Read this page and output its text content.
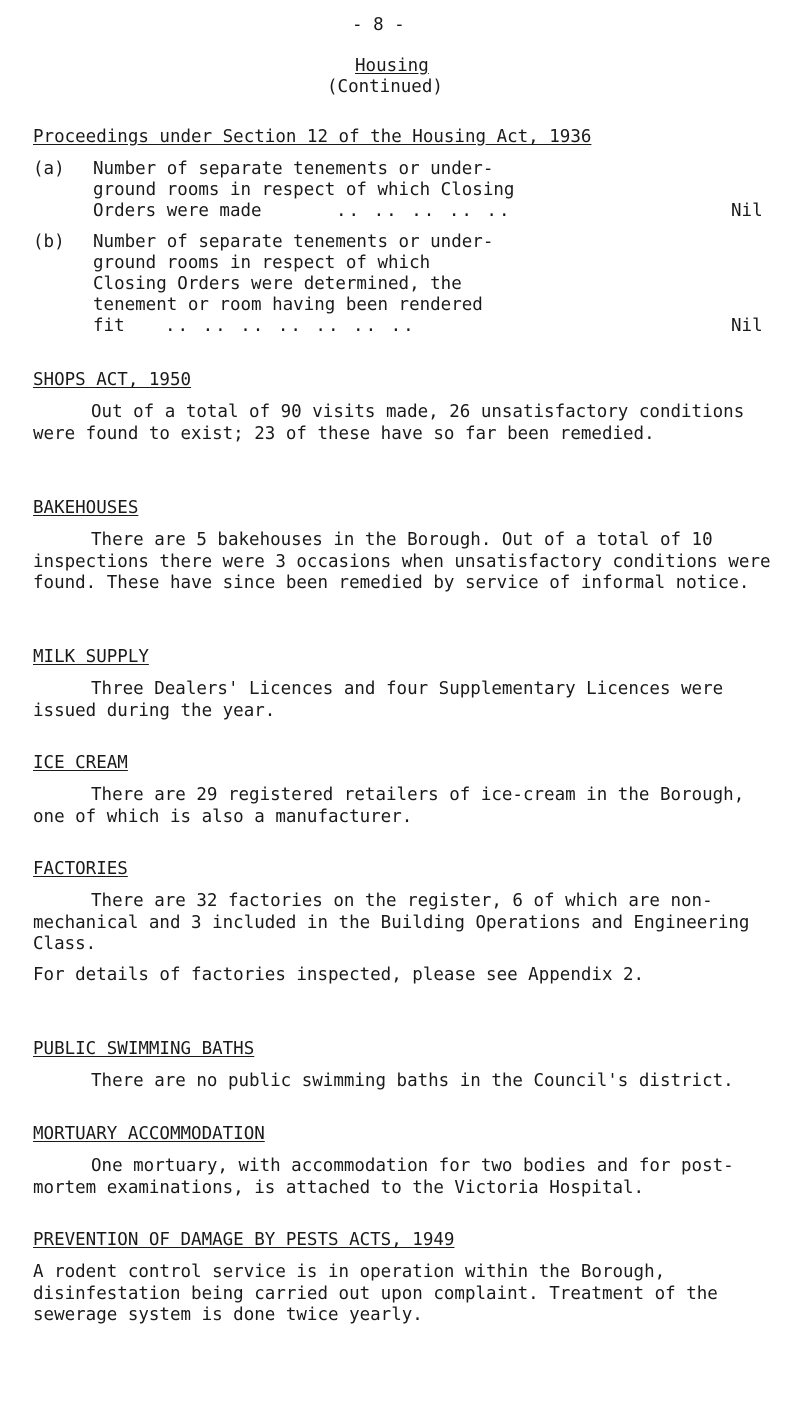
- 8 -
Housing
(Continued)
Proceedings under Section 12 of the Housing Act, 1936
(a) Number of separate tenements or under-
ground rooms in respect of which Closing
Orders were made	.. .. .. .. ..	Nil
(b) Number of separate tenements or under-
ground rooms in respect of which
Closing Orders were determined, the
tenement or room having been rendered
fit .. .. .. .. .. .. ..	Nil
SHOPS ACT, 1950
Out of a total of 90 visits made, 26 unsatisfactory conditions were found to exist; 23 of these have so far been remedied.
BAKEHOUSES
There are 5 bakehouses in the Borough. Out of a total of 10 inspections there were 3 occasions when unsatisfactory conditions were found. These have since been remedied by service of informal notice.
MILK SUPPLY
Three Dealers' Licences and four Supplementary Licences were issued during the year.
ICE CREAM
There are 29 registered retailers of ice-cream in the Borough, one of which is also a manufacturer.
FACTORIES
There are 32 factories on the register, 6 of which are non-mechanical and 3 included in the Building Operations and Engineering Class.
For details of factories inspected, please see Appendix 2.
PUBLIC SWIMMING BATHS
There are no public swimming baths in the Council's district.
MORTUARY ACCOMMODATION
One mortuary, with accommodation for two bodies and for post-mortem examinations, is attached to the Victoria Hospital.
PREVENTION OF DAMAGE BY PESTS ACTS, 1949
A rodent control service is in operation within the Borough, disinfestation being carried out upon complaint. Treatment of the sewerage system is done twice yearly.
